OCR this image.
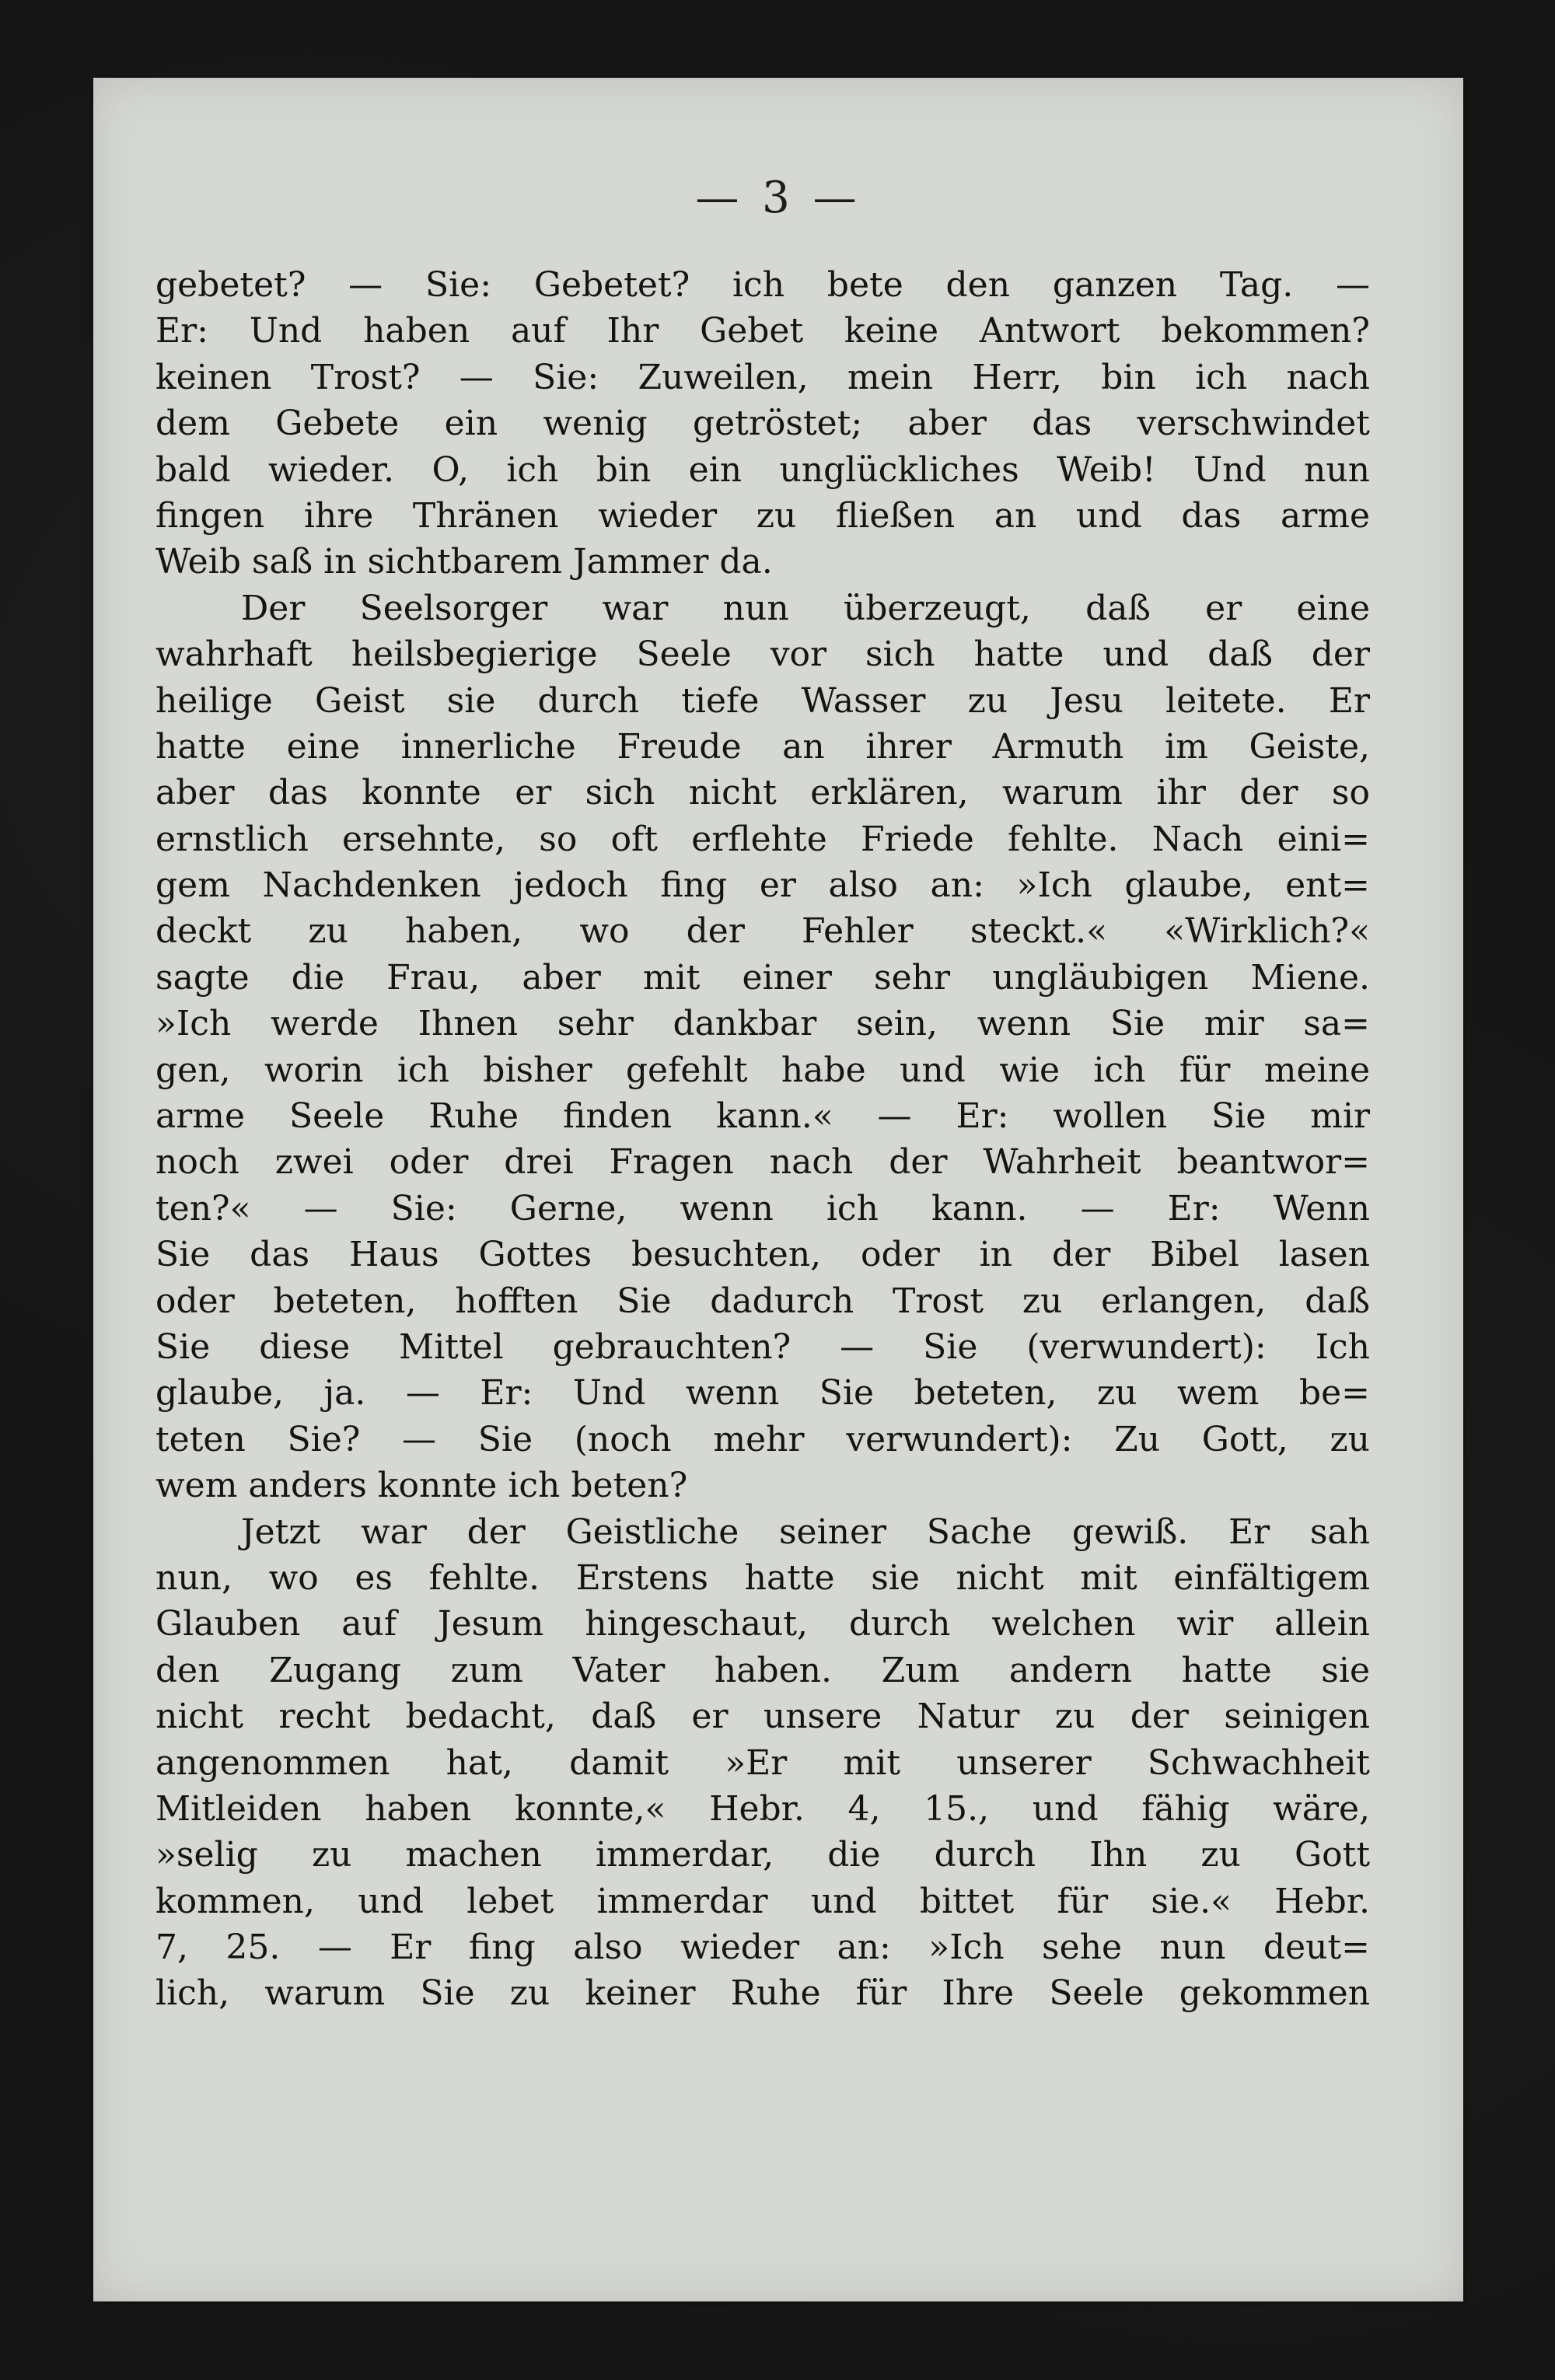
— 3 —
gebetet? — Sie: Gebetet? ich bete den ganzen Tag. —
Er: Und haben auf Ihr Gebet keine Antwort bekommen?
keinen Trost? — Sie: Zuweilen, mein Herr, bin ich nach
dem Gebete ein wenig getröstet; aber das verschwindet
bald wieder. O, ich bin ein unglückliches Weib! Und nun
fingen ihre Thränen wieder zu fließen an und das arme
Weib saß in sichtbarem Jammer da.
Der Seelsorger war nun überzeugt, daß er eine
wahrhaft heilsbegierige Seele vor sich hatte und daß der
heilige Geist sie durch tiefe Wasser zu Jesu leitete. Er
hatte eine innerliche Freude an ihrer Armuth im Geiste,
aber das konnte er sich nicht erklären, warum ihr der so
ernstlich ersehnte, so oft erflehte Friede fehlte. Nach eini=
gem Nachdenken jedoch fing er also an: »Ich glaube, ent=
deckt zu haben, wo der Fehler steckt.« «Wirklich?«
sagte die Frau, aber mit einer sehr ungläubigen Miene.
»Ich werde Ihnen sehr dankbar sein, wenn Sie mir sa=
gen, worin ich bisher gefehlt habe und wie ich für meine
arme Seele Ruhe finden kann.« — Er: wollen Sie mir
noch zwei oder drei Fragen nach der Wahrheit beantwor=
ten?« — Sie: Gerne, wenn ich kann. — Er: Wenn
Sie das Haus Gottes besuchten, oder in der Bibel lasen
oder beteten, hofften Sie dadurch Trost zu erlangen, daß
Sie diese Mittel gebrauchten? — Sie (verwundert): Ich
glaube, ja. — Er: Und wenn Sie beteten, zu wem be=
teten Sie? — Sie (noch mehr verwundert): Zu Gott, zu
wem anders konnte ich beten?
Jetzt war der Geistliche seiner Sache gewiß. Er sah
nun, wo es fehlte. Erstens hatte sie nicht mit einfältigem
Glauben auf Jesum hingeschaut, durch welchen wir allein
den Zugang zum Vater haben. Zum andern hatte sie
nicht recht bedacht, daß er unsere Natur zu der seinigen
angenommen hat, damit »Er mit unserer Schwachheit
Mitleiden haben konnte,« Hebr. 4, 15., und fähig wäre,
»selig zu machen immerdar, die durch Ihn zu Gott
kommen, und lebet immerdar und bittet für sie.« Hebr.
7, 25. — Er fing also wieder an: »Ich sehe nun deut=
lich, warum Sie zu keiner Ruhe für Ihre Seele gekommen
